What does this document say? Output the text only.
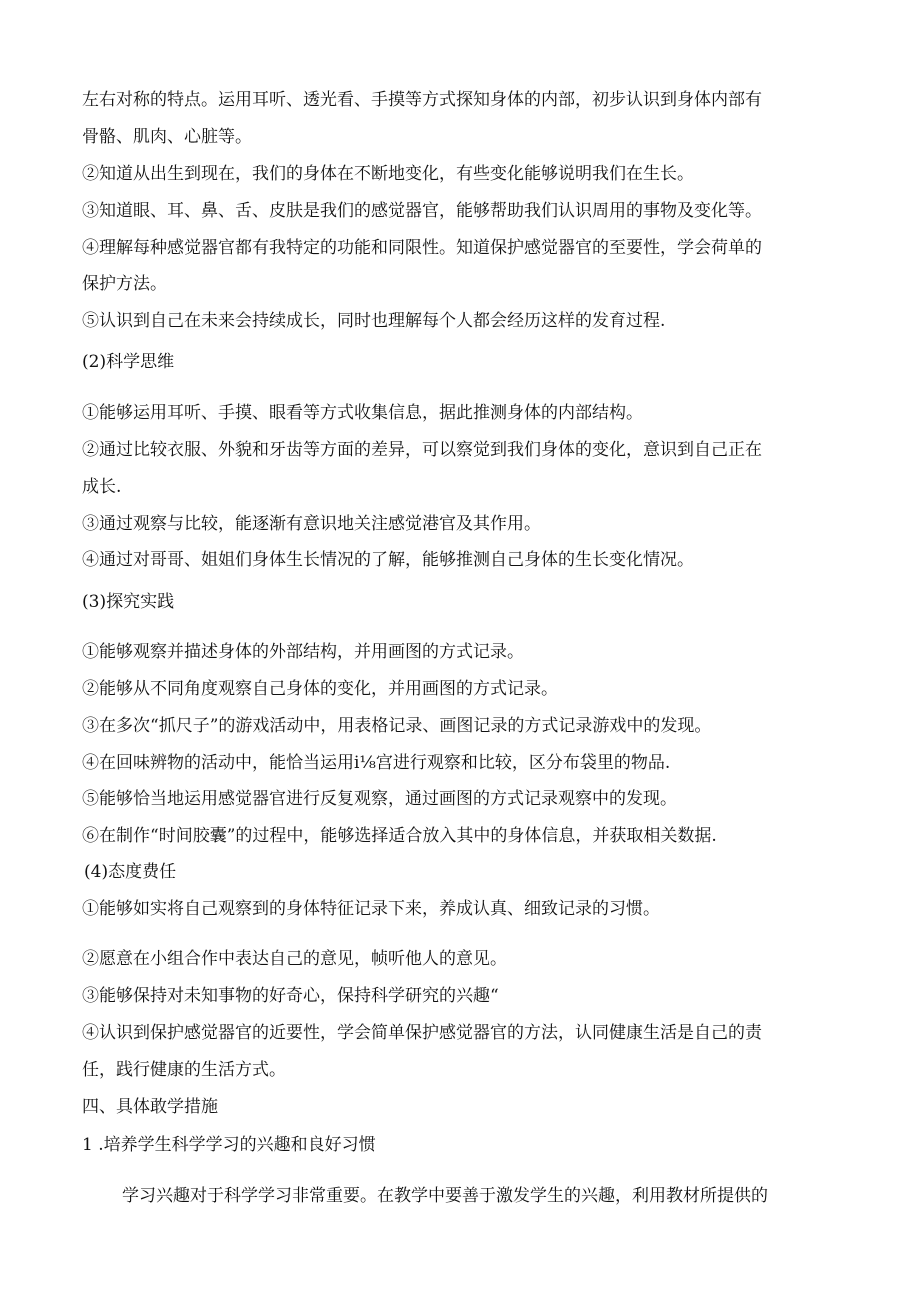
左右对称的特点。运用耳听、透光看、手摸等方式探知身体的内部，初步认识到身体内部有

骨骼、肌肉、心脏等。

②知道从出生到现在，我们的身体在不断地变化，有些变化能够说明我们在生长。

③知道眼、耳、鼻、舌、皮肤是我们的感觉器官，能够帮助我们认识周用的事物及变化等。

④理解每种感觉器官都有我特定的功能和同限性。知道保护感觉器官的至要性，学会荷单的

保护方法。

⑤认识到自己在未来会持续成长，同时也理解每个人都会经历这样的发育过程.

(2)科学思维

①能够运用耳听、手摸、眼看等方式收集信息，据此推测身体的内部结构。

②通过比较衣服、外貌和牙齿等方面的差异，可以察觉到我们身体的变化，意识到自己正在

成长.

③通过观察与比较，能逐渐有意识地关注感觉港官及其作用。

④通过对哥哥、姐姐们身体生长情况的了解，能够推测自己身体的生长变化情况。

(3)探究实践

①能够观察并描述身体的外部结构，并用画图的方式记录。

②能够从不同角度观察自己身体的变化，并用画图的方式记录。

③在多次“抓尺子”的游戏活动中，用表格记录、画图记录的方式记录游戏中的发现。

④在回味辨物的活动中，能恰当运用i⅛宫进行观察和比较，区分布袋里的物品.

⑤能够恰当地运用感觉器官进行反复观察，通过画图的方式记录观察中的发现。

⑥在制作“时间胶囊”的过程中，能够选择适合放入其中的身体信息，并获取相关数据.

(4)态度费任

①能够如实将自己观察到的身体特征记录下来，养成认真、细致记录的习惯。

②愿意在小组合作中表达自己的意见，帧听他人的意见。

③能够保持对未知事物的好奇心，保持科学研究的兴趣“

④认识到保护感觉器官的近要性，学会简单保护感觉器官的方法，认同健康生活是自己的责

任，践行健康的生活方式。

四、具体敢学措施

1 .培养学生科学学习的兴趣和良好习惯

学习兴趣对于科学学习非常重要。在教学中要善于激发学生的兴趣，利用教材所提供的
